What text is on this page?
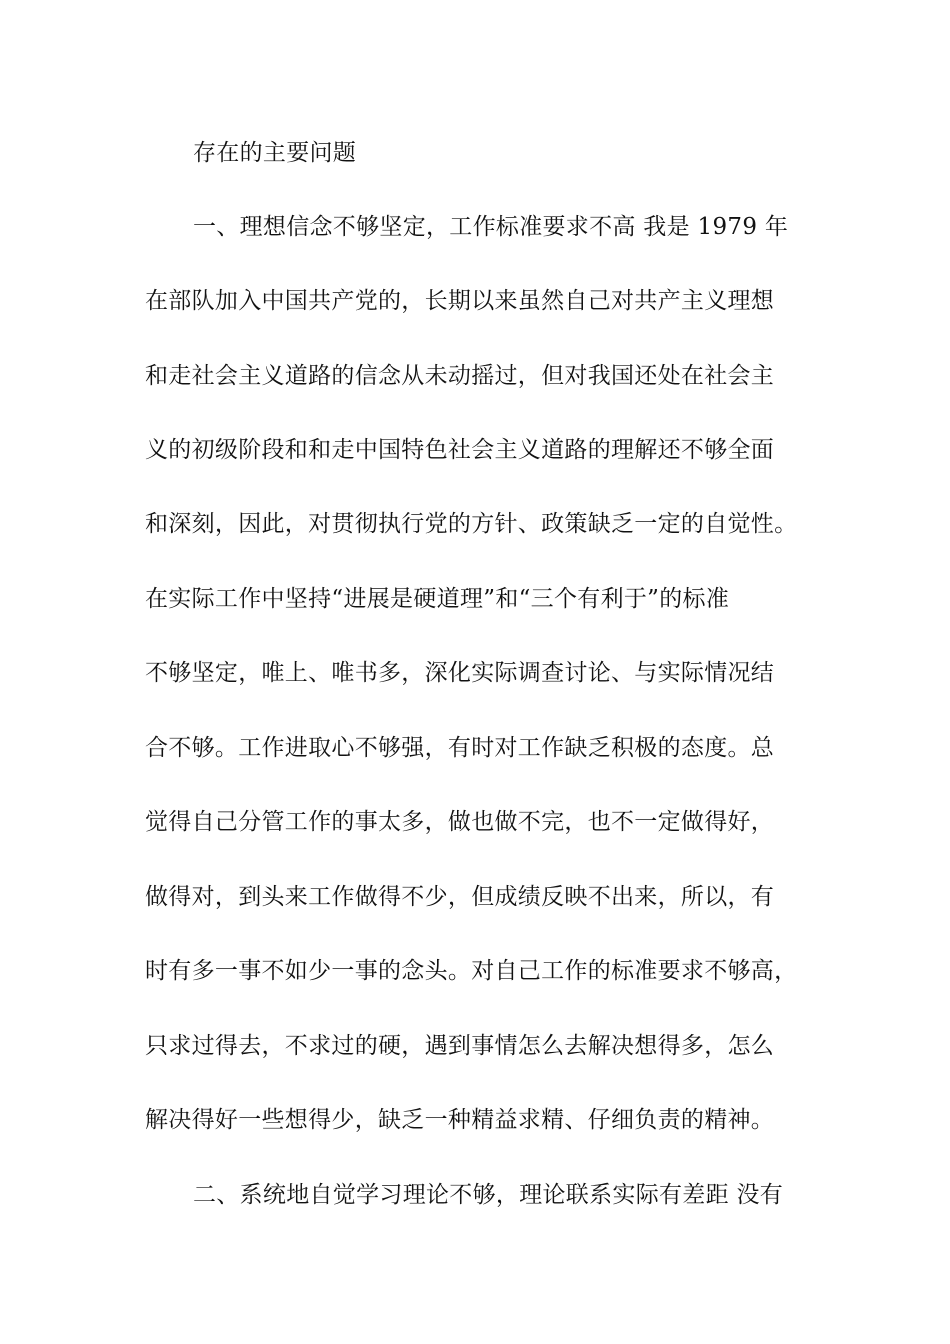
存在的主要问题
一、理想信念不够坚定，工作标准要求不高 我是 1979 年
在部队加入中国共产党的，长期以来虽然自己对共产主义理想
和走社会主义道路的信念从未动摇过，但对我国还处在社会主
义的初级阶段和和走中国特色社会主义道路的理解还不够全面
和深刻，因此，对贯彻执行党的方针、政策缺乏一定的自觉性。
在实际工作中坚持“进展是硬道理”和“三个有利于”的标准
不够坚定，唯上、唯书多，深化实际调查讨论、与实际情况结
合不够。工作进取心不够强，有时对工作缺乏积极的态度。总
觉得自己分管工作的事太多，做也做不完，也不一定做得好，
做得对，到头来工作做得不少，但成绩反映不出来，所以，有
时有多一事不如少一事的念头。对自己工作的标准要求不够高，
只求过得去，不求过的硬，遇到事情怎么去解决想得多，怎么
解决得好一些想得少，缺乏一种精益求精、仔细负责的精神。
二、系统地自觉学习理论不够，理论联系实际有差距 没有
